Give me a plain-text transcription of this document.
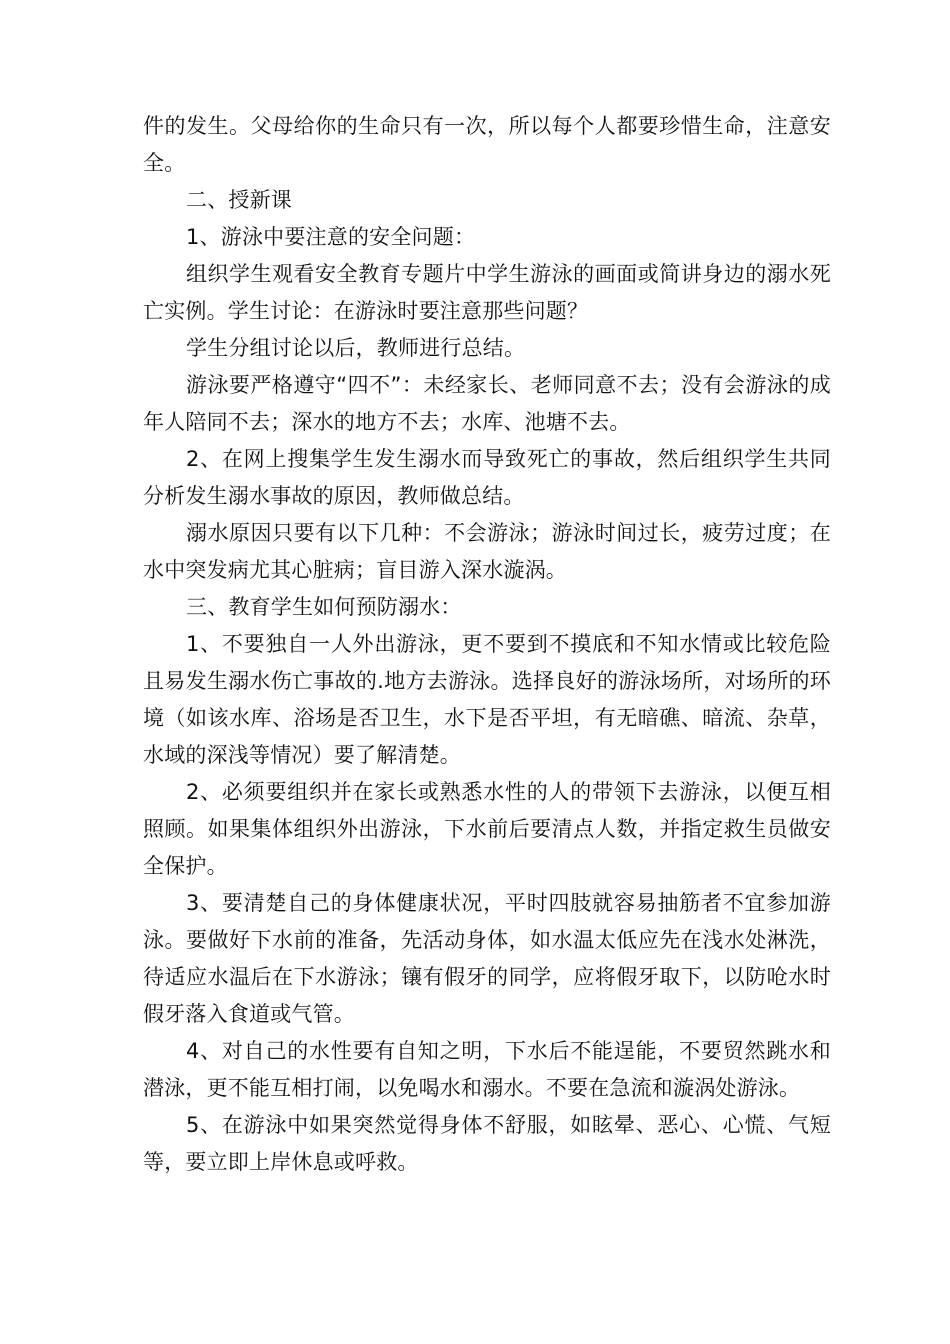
件的发生。父母给你的生命只有一次，所以每个人都要珍惜生命，注意安全。

二、授新课

1、游泳中要注意的安全问题：

组织学生观看安全教育专题片中学生游泳的画面或简讲身边的溺水死亡实例。学生讨论：在游泳时要注意那些问题？

学生分组讨论以后，教师进行总结。

游泳要严格遵守“四不”：未经家长、老师同意不去；没有会游泳的成年人陪同不去；深水的地方不去；水库、池塘不去。

2、在网上搜集学生发生溺水而导致死亡的事故，然后组织学生共同分析发生溺水事故的原因，教师做总结。

溺水原因只要有以下几种：不会游泳；游泳时间过长，疲劳过度；在水中突发病尤其心脏病；盲目游入深水漩涡。

三、教育学生如何预防溺水：

1、不要独自一人外出游泳，更不要到不摸底和不知水情或比较危险且易发生溺水伤亡事故的.地方去游泳。选择良好的游泳场所，对场所的环境（如该水库、浴场是否卫生，水下是否平坦，有无暗礁、暗流、杂草，水域的深浅等情况）要了解清楚。

2、必须要组织并在家长或熟悉水性的人的带领下去游泳，以便互相照顾。如果集体组织外出游泳，下水前后要清点人数，并指定救生员做安全保护。

3、要清楚自己的身体健康状况，平时四肢就容易抽筋者不宜参加游泳。要做好下水前的准备，先活动身体，如水温太低应先在浅水处淋洗，待适应水温后在下水游泳；镶有假牙的同学，应将假牙取下，以防呛水时假牙落入食道或气管。

4、对自己的水性要有自知之明，下水后不能逞能，不要贸然跳水和潜泳，更不能互相打闹，以免喝水和溺水。不要在急流和漩涡处游泳。

5、在游泳中如果突然觉得身体不舒服，如眩晕、恶心、心慌、气短等，要立即上岸休息或呼救。
